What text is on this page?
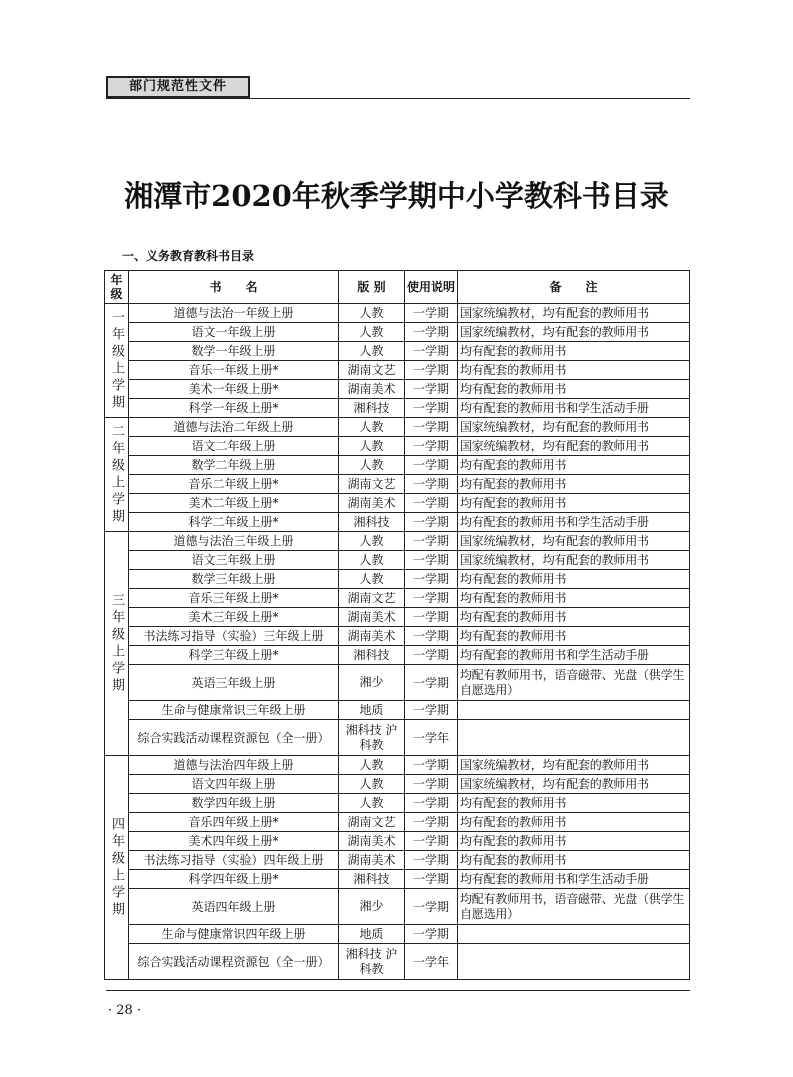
部门规范性文件
湘潭市2020年秋季学期中小学教科书目录
一、义务教育教科书目录
年级	书　　名	版 别	使用说明	备　　注
一年级上学期	道德与法治一年级上册	人教	一学期	国家统编教材，均有配套的教师用书
	语文一年级上册	人教	一学期	国家统编教材，均有配套的教师用书
	数学一年级上册	人教	一学期	均有配套的教师用书
	音乐一年级上册*	湖南文艺	一学期	均有配套的教师用书
	美术一年级上册*	湖南美术	一学期	均有配套的教师用书
	科学一年级上册*	湘科技	一学期	均有配套的教师用书和学生活动手册
二年级上学期	道德与法治二年级上册	人教	一学期	国家统编教材，均有配套的教师用书
	语文二年级上册	人教	一学期	国家统编教材，均有配套的教师用书
	数学二年级上册	人教	一学期	均有配套的教师用书
	音乐二年级上册*	湖南文艺	一学期	均有配套的教师用书
	美术二年级上册*	湖南美术	一学期	均有配套的教师用书
	科学二年级上册*	湘科技	一学期	均有配套的教师用书和学生活动手册
三年级上学期	道德与法治三年级上册	人教	一学期	国家统编教材，均有配套的教师用书
	语文三年级上册	人教	一学期	国家统编教材，均有配套的教师用书
	数学三年级上册	人教	一学期	均有配套的教师用书
	音乐三年级上册*	湖南文艺	一学期	均有配套的教师用书
	美术三年级上册*	湖南美术	一学期	均有配套的教师用书
	书法练习指导（实验）三年级上册	湖南美术	一学期	均有配套的教师用书
	科学三年级上册*	湘科技	一学期	均有配套的教师用书和学生活动手册
	英语三年级上册	湘少	一学期	均配有教师用书，语音磁带、光盘（供学生自愿选用）
	生命与健康常识三年级上册	地质	一学期	
	综合实践活动课程资源包（全一册）	湘科技 沪科教	一学年	
四年级上学期	道德与法治四年级上册	人教	一学期	国家统编教材，均有配套的教师用书
	语文四年级上册	人教	一学期	国家统编教材，均有配套的教师用书
	数学四年级上册	人教	一学期	均有配套的教师用书
	音乐四年级上册*	湖南文艺	一学期	均有配套的教师用书
	美术四年级上册*	湖南美术	一学期	均有配套的教师用书
	书法练习指导（实验）四年级上册	湖南美术	一学期	均有配套的教师用书
	科学四年级上册*	湘科技	一学期	均有配套的教师用书和学生活动手册
	英语四年级上册	湘少	一学期	均配有教师用书，语音磁带、光盘（供学生自愿选用）
	生命与健康常识四年级上册	地质	一学期	
	综合实践活动课程资源包（全一册）	湘科技 沪科教	一学年	
· 28 ·
